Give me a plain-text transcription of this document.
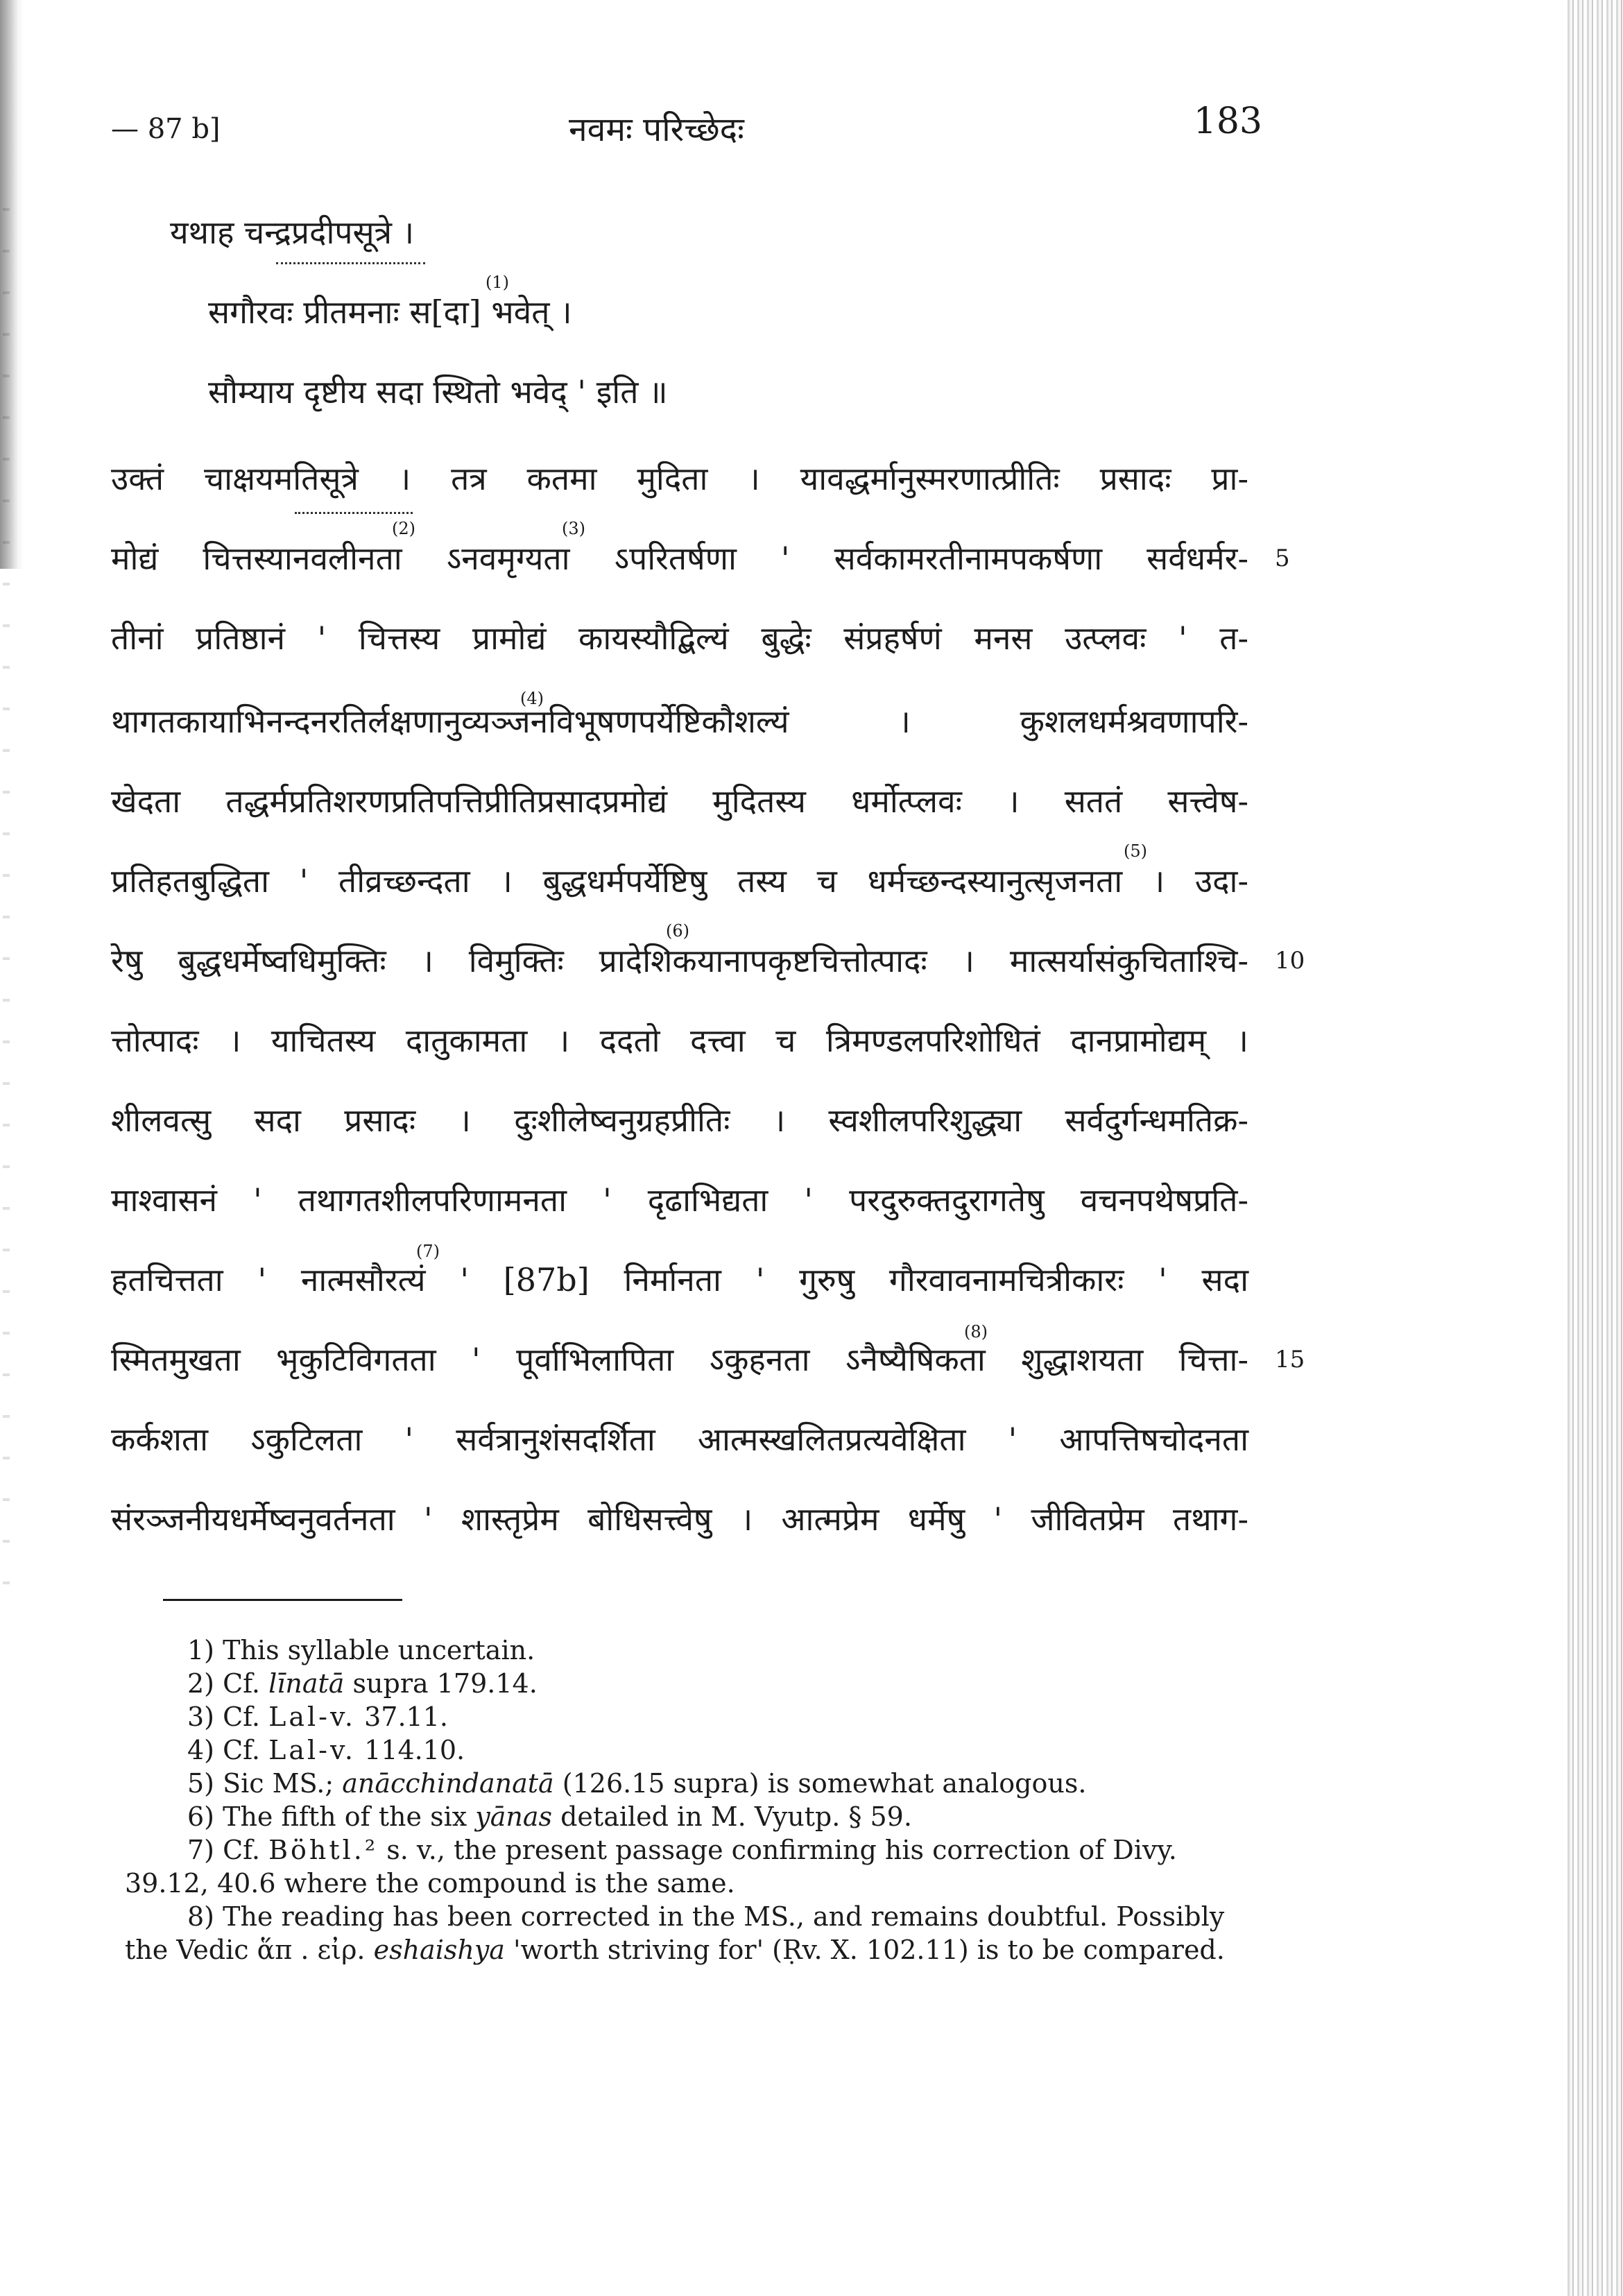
— 87 b]	नवमः परिच्छेदः	183
यथाह चन्द्रप्रदीपसूत्रे ।
(1)
सगौरवः प्रीतमनाः स[दा] भवेत् ।
सौम्याय दृष्टीय सदा स्थितो भवेद् ' इति ॥
उक्तं चाक्षयमतिसूत्रे । तत्र कतमा मुदिता । यावद्धर्मानुस्मरणात्प्रीतिः प्रसादः प्रा-
(2)	(3)
मोद्यं चित्तस्यानवलीनता ऽनवमृग्यता ऽपरितर्षणा ' सर्वकामरतीनामपकर्षणा सर्वधर्मर- 5
तीनां प्रतिष्ठानं ' चित्तस्य प्रामोद्यं कायस्यौद्बिल्यं बुद्धेः संप्रहर्षणं मनस उत्प्लवः ' त-
(4)
थागतकायाभिनन्दनरतिर्लक्षणानुव्यञ्जनविभूषणपर्येष्टिकौशल्यं । कुशलधर्मश्रवणापरि-
खेदता तद्धर्मप्रतिशरणप्रतिपत्तिप्रीतिप्रसादप्रमोद्यं मुदितस्य धर्मोत्प्लवः । सततं सत्त्वेष-
(5)
प्रतिहतबुद्धिता ' तीव्रच्छन्दता । बुद्धधर्मपर्येष्टिषु तस्य च धर्मच्छन्दस्यानुत्सृजनता । उदा-
(6)
रेषु बुद्धधर्मेष्वधिमुक्तिः । विमुक्तिः प्रादेशिकयानापकृष्टचित्तोत्पादः । मात्सर्यासंकुचिताश्चि- 10
त्तोत्पादः । याचितस्य दातुकामता । ददतो दत्त्वा च त्रिमण्डलपरिशोधितं दानप्रामोद्यम् ।
शीलवत्सु सदा प्रसादः । दुःशीलेष्वनुग्रहप्रीतिः । स्वशीलपरिशुद्ध्या सर्वदुर्गन्धमतिक्र-
माश्वासनं ' तथागतशीलपरिणामनता ' दृढाभिद्यता ' परदुरुक्तदुरागतेषु वचनपथेषप्रति-
(7)
हतचित्तता ' नात्मसौरत्यं ' [87b] निर्मानता ' गुरुषु गौरवावनामचित्रीकारः ' सदा
(8)
स्मितमुखता भृकुटिविगतता ' पूर्वाभिलापिता ऽकुहनता ऽनैष्यैषिकता शुद्धाशयता चित्ता- 15
कर्कशता ऽकुटिलता ' सर्वत्रानुशंसदर्शिता आत्मस्खलितप्रत्यवेक्षिता ' आपत्तिषचोदनता
संरञ्जनीयधर्मेष्वनुवर्तनता ' शास्तृप्रेम बोधिसत्त्वेषु । आत्मप्रेम धर्मेषु ' जीवितप्रेम तथाग-
1) This syllable uncertain.
2) Cf. līnatā supra 179.14.
3) Cf. Lal-v. 37.11.
4) Cf. Lal-v. 114.10.
5) Sic MS.; anācchindanatā (126.15 supra) is somewhat analogous.
6) The fifth of the six yānas detailed in M. Vyutp. § 59.
7) Cf. Böhtl.² s. v., the present passage confirming his correction of Divy.
39.12, 40.6 where the compound is the same.
8) The reading has been corrected in the MS., and remains doubtful. Possibly
the Vedic ἅπ . εἰρ. eshaishya 'worth striving for' (Ṛv. X. 102.11) is to be compared.
